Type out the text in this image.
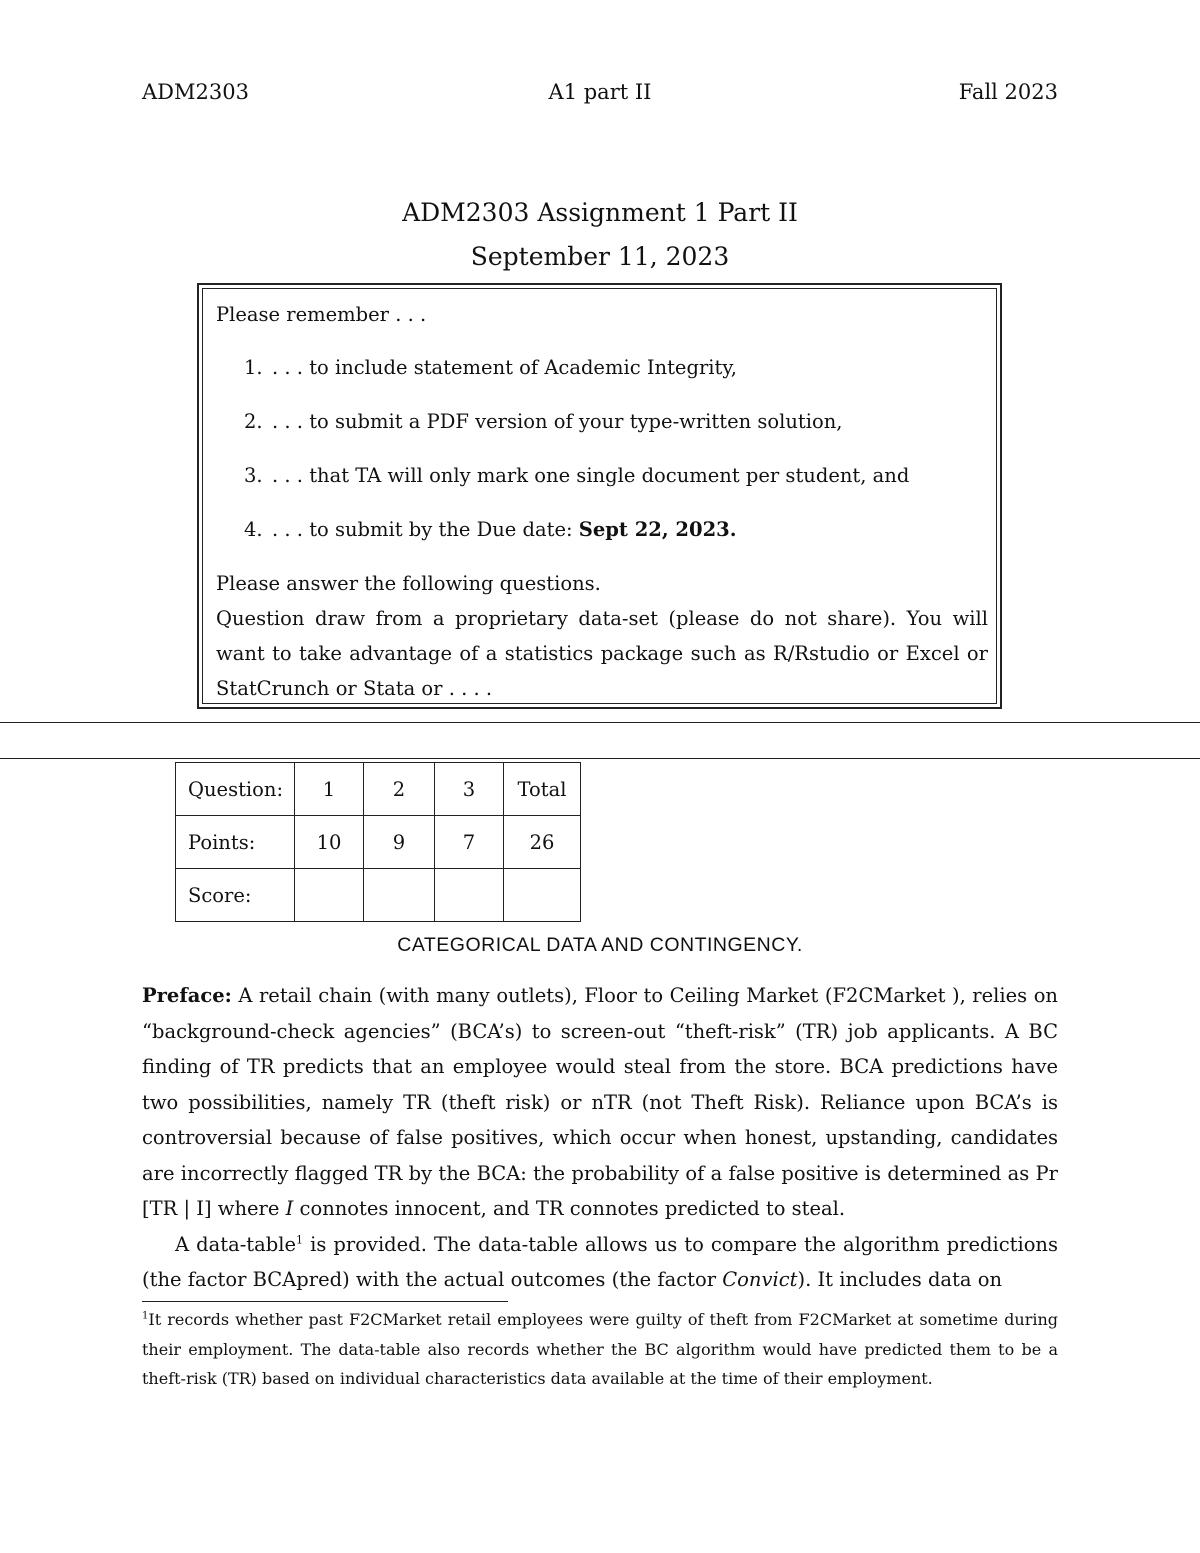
ADM2303	A1 part II	Fall 2023
ADM2303 Assignment 1 Part II
September 11, 2023

Please remember . . .

1. . . . to include statement of Academic Integrity,
2. . . . to submit a PDF version of your type-written solution,
3. . . . that TA will only mark one single document per student, and
4. . . . to submit by the Due date: Sept 22, 2023.
Please answer the following questions.
Question draw from a proprietary data-set (please do not share). You will want to take advantage of a statistics package such as R/Rstudio or Excel or StatCrunch or Stata or . . . .
Question:	1	2	3	Total
Points:	10	9	7	26
Score:				
CATEGORICAL DATA AND CONTINGENCY.

Preface: A retail chain (with many outlets), Floor to Ceiling Market (F2CMarket ), relies on “background-check agencies” (BCA’s) to screen-out “theft-risk” (TR) job applicants. A BC finding of TR predicts that an employee would steal from the store. BCA predictions have two possibilities, namely TR (theft risk) or nTR (not Theft Risk). Reliance upon BCA’s is controversial because of false positives, which occur when honest, upstanding, candidates are incorrectly flagged TR by the BCA: the probability of a false positive is determined as Pr [TR | I] where I connotes innocent, and TR connotes predicted to steal.

A data-table$^1$ is provided. The data-table allows us to compare the algorithm predictions (the factor BCApred) with the actual outcomes (the factor Convict). It includes data on

$^1$It records whether past F2CMarket retail employees were guilty of theft from F2CMarket at sometime during their employment. The data-table also records whether the BC algorithm would have predicted them to be a theft-risk (TR) based on individual characteristics data available at the time of their employment.
